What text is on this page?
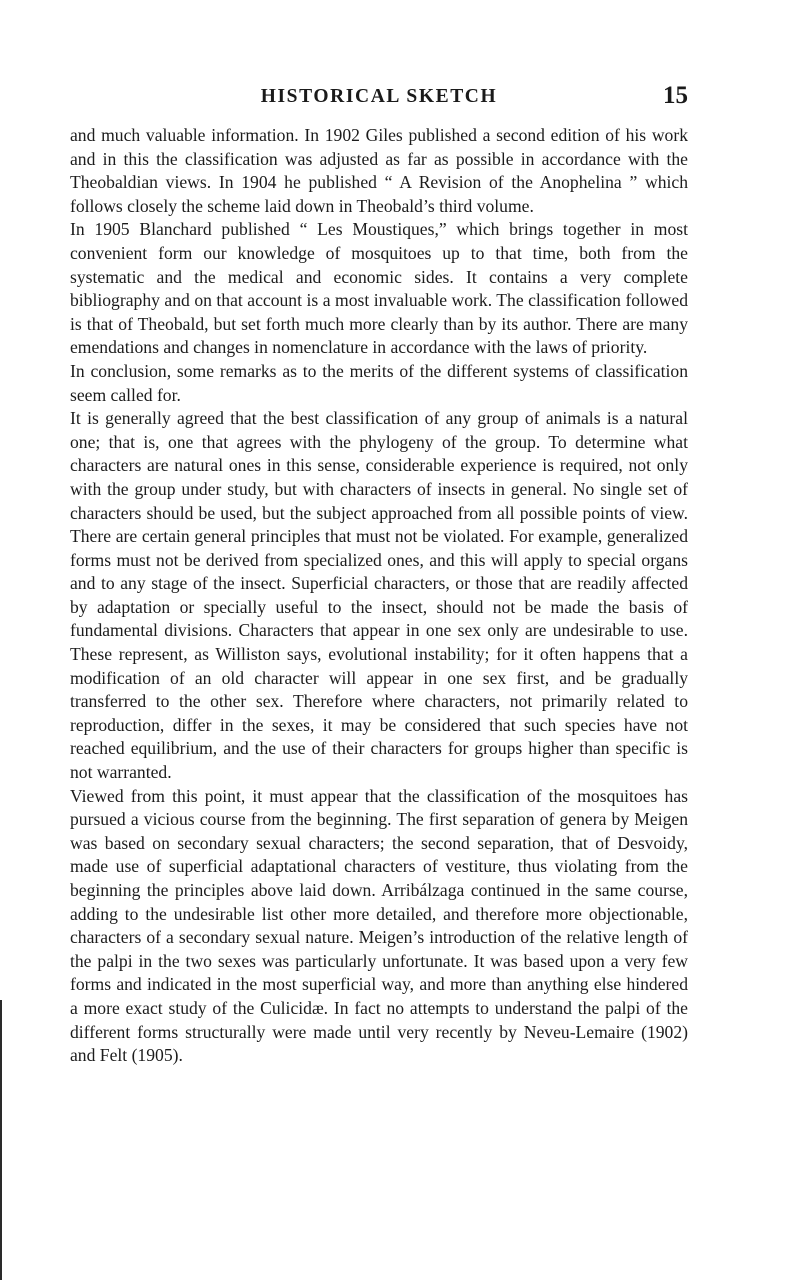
HISTORICAL SKETCH	15

and much valuable information. In 1902 Giles published a second edition of his work and in this the classification was adjusted as far as possible in accordance with the Theobaldian views. In 1904 he published “ A Revision of the Anophelina ” which follows closely the scheme laid down in Theobald’s third volume.

In 1905 Blanchard published “ Les Moustiques,” which brings together in most convenient form our knowledge of mosquitoes up to that time, both from the systematic and the medical and economic sides. It contains a very complete bibliography and on that account is a most invaluable work. The classification followed is that of Theobald, but set forth much more clearly than by its author. There are many emendations and changes in nomenclature in accordance with the laws of priority.

In conclusion, some remarks as to the merits of the different systems of classification seem called for.

It is generally agreed that the best classification of any group of animals is a natural one; that is, one that agrees with the phylogeny of the group. To determine what characters are natural ones in this sense, considerable experience is required, not only with the group under study, but with characters of insects in general. No single set of characters should be used, but the subject approached from all possible points of view. There are certain general principles that must not be violated. For example, generalized forms must not be derived from specialized ones, and this will apply to special organs and to any stage of the insect. Superficial characters, or those that are readily affected by adaptation or specially useful to the insect, should not be made the basis of fundamental divisions. Characters that appear in one sex only are undesirable to use. These represent, as Williston says, evolutional instability; for it often happens that a modification of an old character will appear in one sex first, and be gradually transferred to the other sex. Therefore where characters, not primarily related to reproduction, differ in the sexes, it may be considered that such species have not reached equilibrium, and the use of their characters for groups higher than specific is not warranted.

Viewed from this point, it must appear that the classification of the mosquitoes has pursued a vicious course from the beginning. The first separation of genera by Meigen was based on secondary sexual characters; the second separation, that of Desvoidy, made use of superficial adaptational characters of vestiture, thus violating from the beginning the principles above laid down. Arribálzaga continued in the same course, adding to the undesirable list other more detailed, and therefore more objectionable, characters of a secondary sexual nature. Meigen’s introduction of the relative length of the palpi in the two sexes was particularly unfortunate. It was based upon a very few forms and indicated in the most superficial way, and more than anything else hindered a more exact study of the Culicidæ. In fact no attempts to understand the palpi of the different forms structurally were made until very recently by Neveu-Lemaire (1902) and Felt (1905).
